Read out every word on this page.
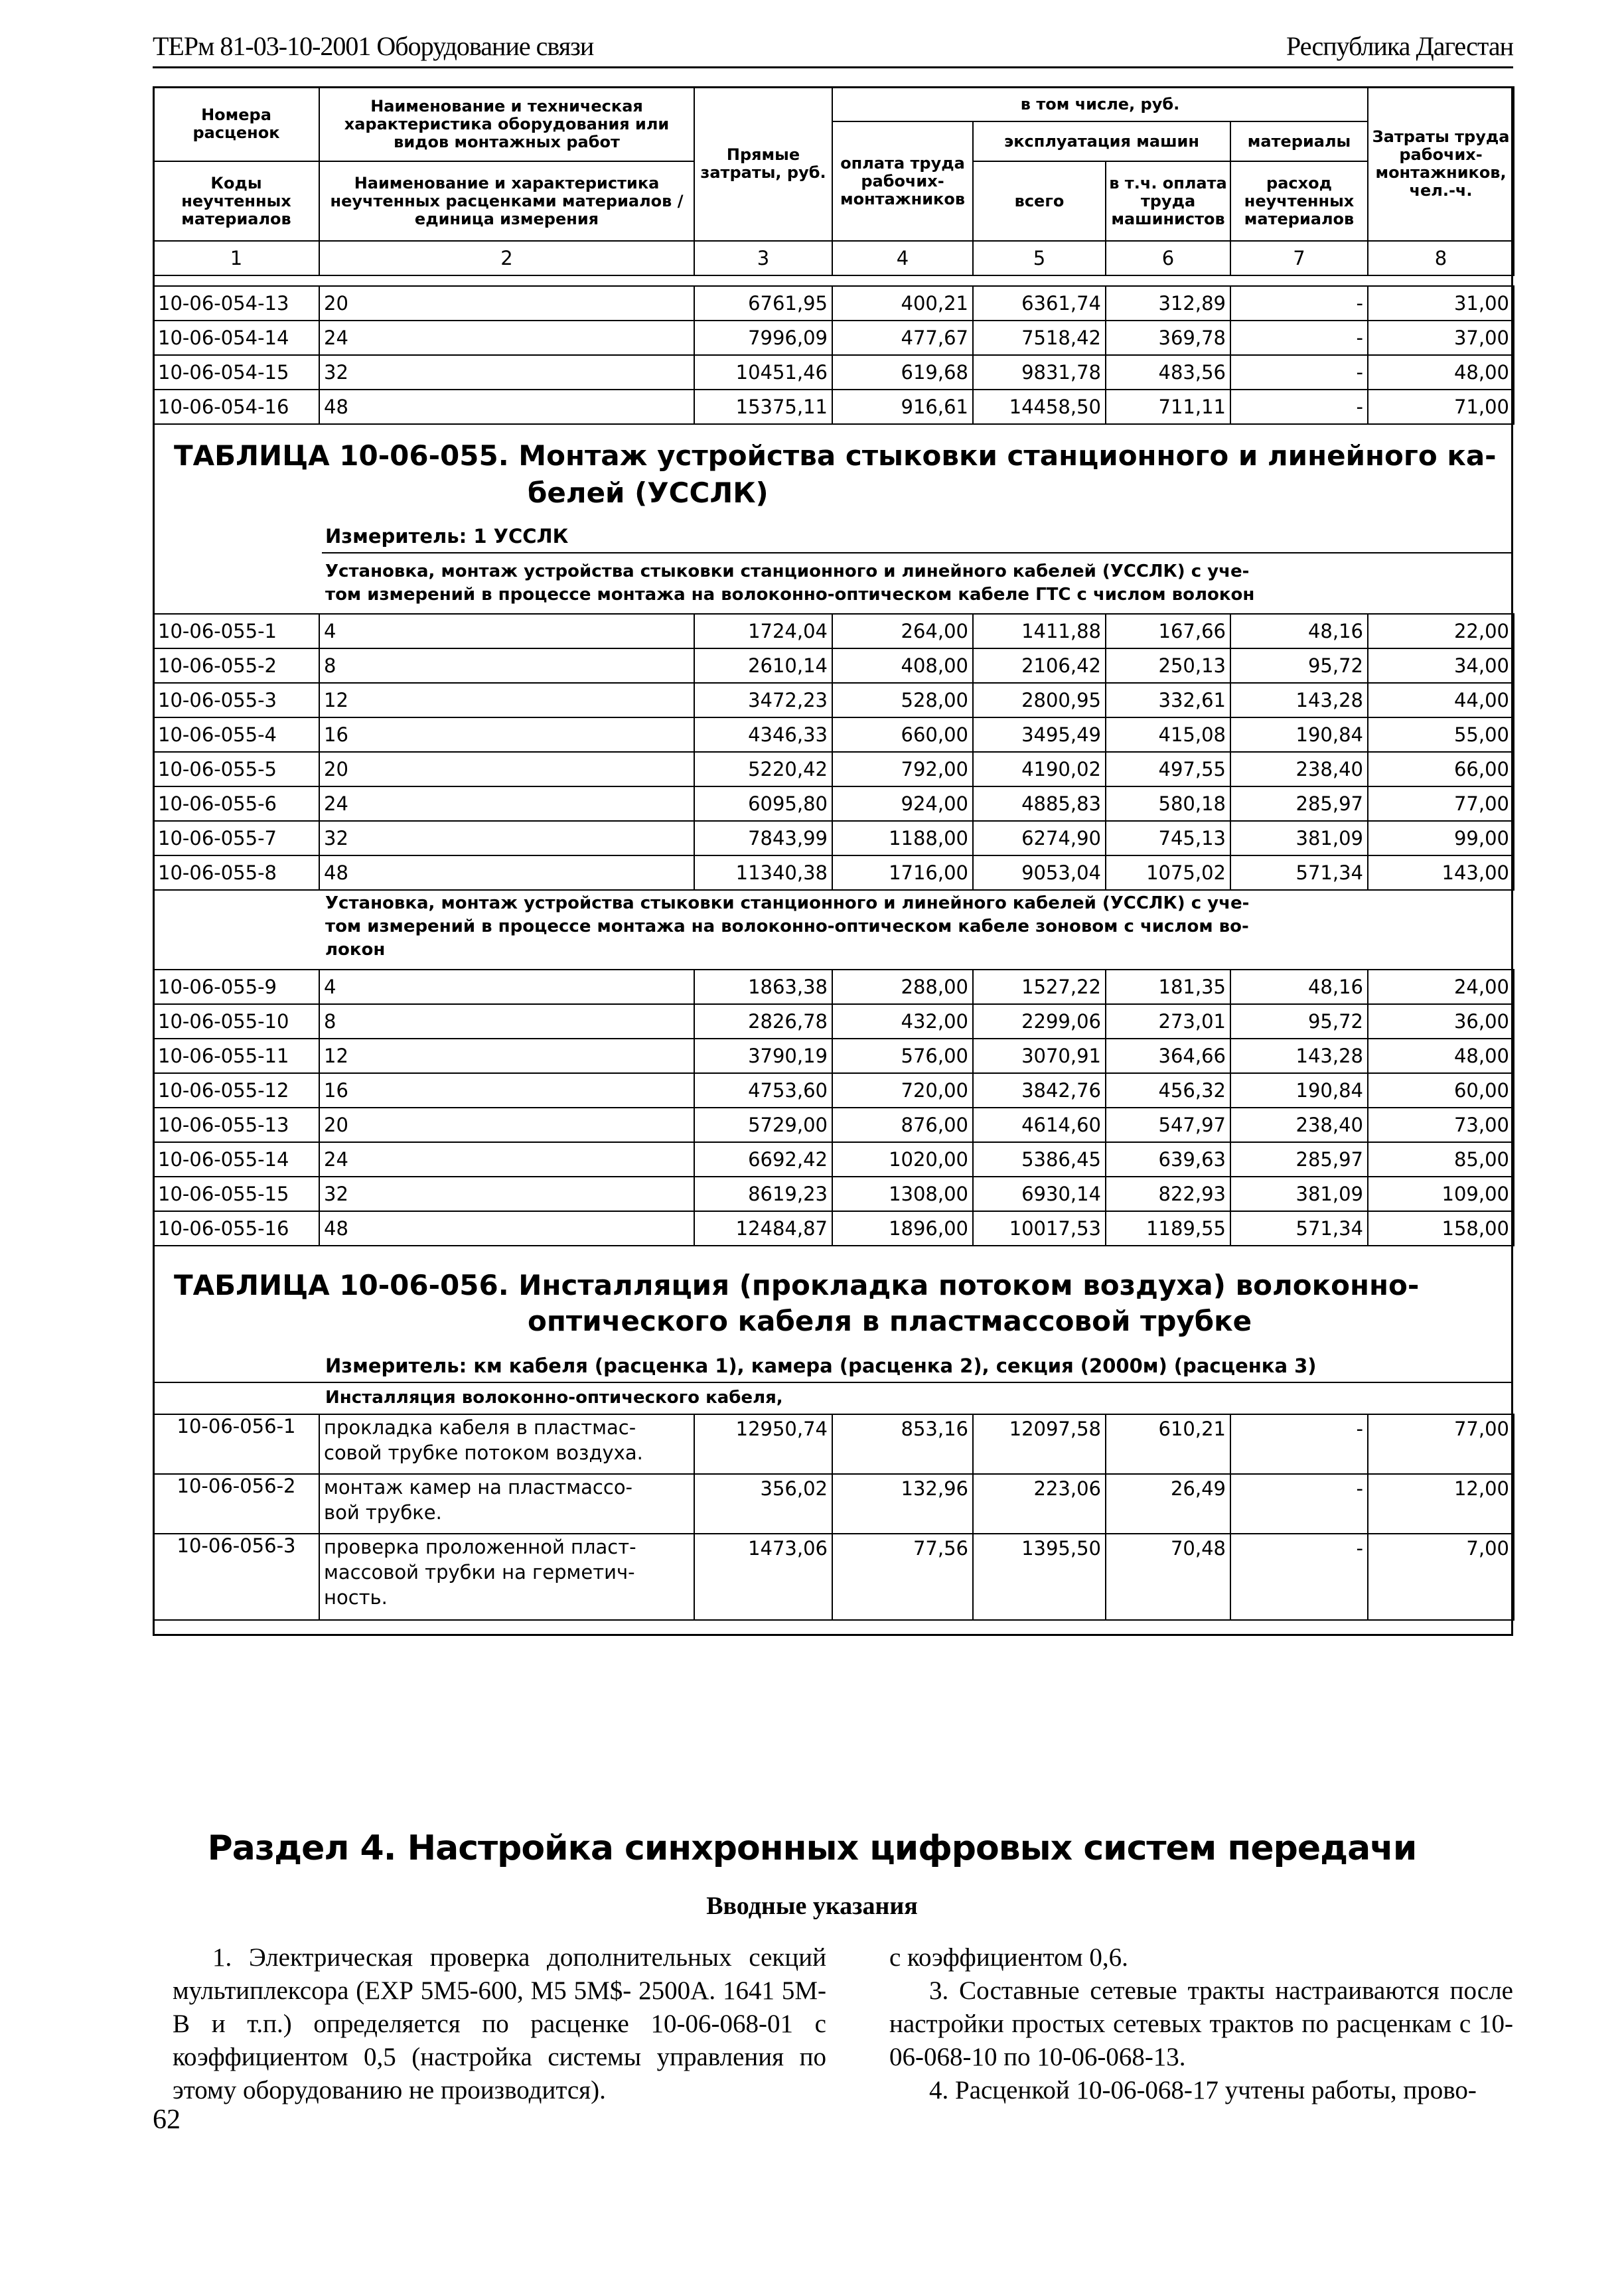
ТЕРм 81-03-10-2001 Оборудование связи	Республика Дагестан
Номера расценок	Наименование и техническая характеристика оборудования или видов монтажных работ	Прямые затраты, руб.	в том числе, руб.				Затраты труда рабочих-монтажников, чел.-ч.
			оплата труда рабочих-монтажников	эксплуатация машин		материалы	
Коды неучтенных материалов	Наименование и характеристика неучтенных расценками материалов / единица измерения			всего	в т.ч. оплата труда машинистов	расход неучтенных материалов	
1	2	3	4	5	6	7	8
10-06-054-13	20	6761,95	400,21	6361,74	312,89	-	31,00
10-06-054-14	24	7996,09	477,67	7518,42	369,78	-	37,00
10-06-054-15	32	10451,46	619,68	9831,78	483,56	-	48,00
10-06-054-16	48	15375,11	916,61	14458,50	711,11	-	71,00
ТАБЛИЦА 10-06-055. Монтаж устройства стыковки станционного и линейного ка-
белей (УССЛК)
Измеритель: 1 УССЛК
Установка, монтаж устройства стыковки станционного и линейного кабелей (УССЛК) с уче-
том измерений в процессе монтажа на волоконно-оптическом кабеле ГТС с числом волокон
10-06-055-1	4	1724,04	264,00	1411,88	167,66	48,16	22,00
10-06-055-2	8	2610,14	408,00	2106,42	250,13	95,72	34,00
10-06-055-3	12	3472,23	528,00	2800,95	332,61	143,28	44,00
10-06-055-4	16	4346,33	660,00	3495,49	415,08	190,84	55,00
10-06-055-5	20	5220,42	792,00	4190,02	497,55	238,40	66,00
10-06-055-6	24	6095,80	924,00	4885,83	580,18	285,97	77,00
10-06-055-7	32	7843,99	1188,00	6274,90	745,13	381,09	99,00
10-06-055-8	48	11340,38	1716,00	9053,04	1075,02	571,34	143,00
Установка, монтаж устройства стыковки станционного и линейного кабелей (УССЛК) с уче-
том измерений в процессе монтажа на волоконно-оптическом кабеле зоновом с числом во-
локон
10-06-055-9	4	1863,38	288,00	1527,22	181,35	48,16	24,00
10-06-055-10	8	2826,78	432,00	2299,06	273,01	95,72	36,00
10-06-055-11	12	3790,19	576,00	3070,91	364,66	143,28	48,00
10-06-055-12	16	4753,60	720,00	3842,76	456,32	190,84	60,00
10-06-055-13	20	5729,00	876,00	4614,60	547,97	238,40	73,00
10-06-055-14	24	6692,42	1020,00	5386,45	639,63	285,97	85,00
10-06-055-15	32	8619,23	1308,00	6930,14	822,93	381,09	109,00
10-06-055-16	48	12484,87	1896,00	10017,53	1189,55	571,34	158,00
ТАБЛИЦА 10-06-056. Инсталляция (прокладка потоком воздуха) волоконно-
оптического кабеля в пластмассовой трубке
Измеритель: км кабеля (расценка 1), камера (расценка 2), секция (2000м) (расценка 3)
Инсталляция волоконно-оптического кабеля,
10-06-056-1	прокладка кабеля в пластмас-
совой трубке потоком воздуха.	12950,74	853,16	12097,58	610,21	-	77,00
10-06-056-2	монтаж камер на пластмассо-
вой трубке.	356,02	132,96	223,06	26,49	-	12,00
10-06-056-3	проверка проложенной пласт-
массовой трубки на герметич-
ность.	1473,06	77,56	1395,50	70,48	-	7,00
Раздел 4. Настройка синхронных цифровых систем передачи
Вводные указания
1. Электрическая проверка дополнительных секций мультиплексора (ЕХР 5М5-600, М5 5М$- 2500А. 1641 5М-В и т.п.) определяется по расценке 10-06-068-01 с коэффициентом 0,5 (настройка системы управления по этому оборудованию не производится).
с коэффициентом 0,6.
3. Составные сетевые тракты настраиваются после настройки простых сетевых трактов по расценкам с 10-06-068-10 по 10-06-068-13.
4. Расценкой 10-06-068-17 учтены работы, прово-
62
